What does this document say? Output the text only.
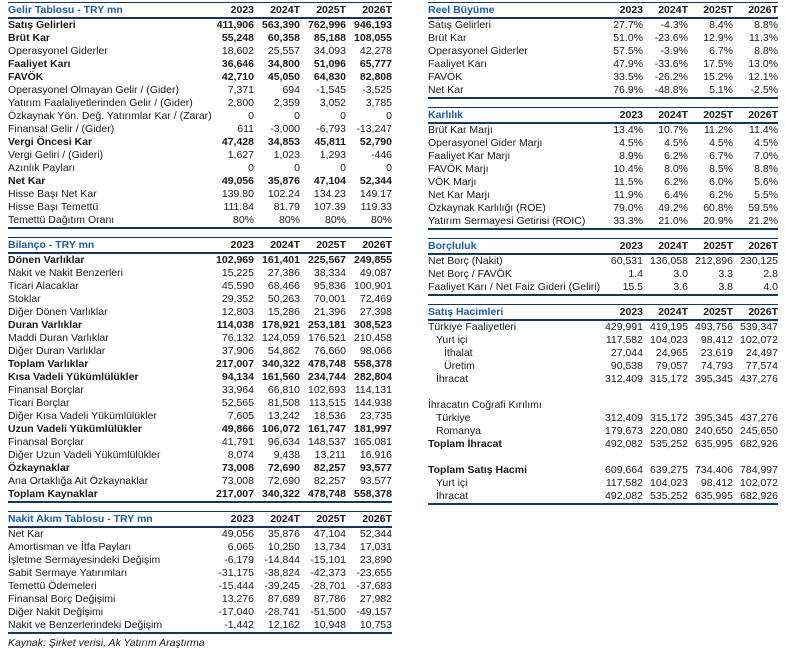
Gelir Tablosu - TRY mn	2023	2024T	2025T	2026T
Satış Gelirleri	411,906	563,390	762,996	946,193
Brüt Kar	55,248	60,358	85,188	108,055
Operasyonel Giderler	18,602	25,557	34,093	42,278
Faaliyet Karı	36,646	34,800	51,096	65,777
FAVÖK	42,710	45,050	64,830	82,808
Operasyonel Olmayan Gelir / (Gider)	7,371	694	-1,545	-3,525
Yatırım Faalaliyetlerinden Gelir / (Gider)	2,800	2,359	3,052	3,785
Özkaynak Yön. Değ. Yatırımlar Kar / (Zarar)	0	0	0	0
Finansal Gelir / (Gider)	611	-3,000	-6,793	-13,247
Vergi Öncesi Kar	47,428	34,853	45,811	52,790
Vergi Geliri / (Gideri)	1,627	1,023	1,293	-446
Azınlık Payları	0	0	0	0
Net Kar	49,056	35,876	47,104	52,344
Hisse Başı Net Kar	139.80	102.24	134.23	149.17
Hisse Başı Temettü	111.84	81.79	107.39	119.33
Temettü Dağıtım Oranı	80%	80%	80%	80%
Bilanço - TRY mn	2023	2024T	2025T	2026T
Dönen Varlıklar	102,969	161,401	225,567	249,855
Nakit ve Nakit Benzerleri	15,225	27,386	38,334	49,087
Ticari Alacaklar	45,590	68,466	95,836	100,901
Stoklar	29,352	50,263	70,001	72,469
Diğer Dönen Varlıklar	12,803	15,286	21,396	27,398
Duran Varlıklar	114,038	178,921	253,181	308,523
Maddi Duran Varlıklar	76,132	124,059	176,521	210,458
Diğer Duran Varlıklar	37,906	54,862	76,660	98,066
Toplam Varlıklar	217,007	340,322	478,748	558,378
Kısa Vadeli Yükümlülükler	94,134	161,560	234,744	282,804
Finansal Borçlar	33,964	66,810	102,693	114,131
Ticari Borçlar	52,565	81,508	113,515	144,938
Diğer Kısa Vadeli Yükümlülükler	7,605	13,242	18,536	23,735
Uzun Vadeli Yükümlülükler	49,866	106,072	161,747	181,997
Finansal Borçlar	41,791	96,634	148,537	165,081
Diğer Uzun Vadeli Yükümlülükler	8,074	9,438	13,211	16,916
Özkaynaklar	73,008	72,690	82,257	93,577
Ana Ortaklığa Ait Özkaynaklar	73,008	72,690	82,257	93,577
Toplam Kaynaklar	217,007	340,322	478,748	558,378
Nakit Akım Tablosu - TRY mn	2023	2024T	2025T	2026T
Net Kar	49,056	35,876	47,104	52,344
Amortisman ve İtfa Payları	6,065	10,250	13,734	17,031
İşletme Sermayesindeki Değişim	-6,179	-14,844	-15,101	23,890
Sabit Sermaye Yatırımları	-31,175	-38,824	-42,373	-23,655
Temettü Ödemeleri	-15,444	-39,245	-28,701	-37,683
Finansal Borç Değişimi	13,276	87,689	87,786	27,982
Diğer Nakit Değişimi	-17,040	-28,741	-51,500	-49,157
Nakit ve Benzerlerindeki Değişim	-1,442	12,162	10,948	10,753
Kaynak: Şirket verisi, Ak Yatırım Araştırma
Reel Büyüme	2023	2024T	2025T	2026T
Satış Gelirleri	27.7%	-4.3%	8.4%	8.8%
Brüt Kar	51.0%	-23.6%	12.9%	11.3%
Operasyonel Giderler	57.5%	-3.9%	6.7%	8.8%
Faaliyet Karı	47.9%	-33.6%	17.5%	13.0%
FAVÖK	33.5%	-26.2%	15.2%	12.1%
Net Kar	76.9%	-48.8%	5.1%	-2.5%
Karlılık	2023	2024T	2025T	2026T
Brüt Kar Marjı	13.4%	10.7%	11.2%	11.4%
Operasyonel Gider Marjı	4.5%	4.5%	4.5%	4.5%
Faaliyet Kar Marjı	8.9%	6.2%	6.7%	7.0%
FAVÖK Marjı	10.4%	8.0%	8.5%	8.8%
VÖK Marjı	11.5%	6.2%	6.0%	5.6%
Net Kar Marjı	11.9%	6.4%	6.2%	5.5%
Özkaynak Karlılığı (ROE)	79.0%	49.2%	60.8%	59.5%
Yatırım Sermayesi Getirisi (ROIC)	33.3%	21.0%	20.9%	21.2%
Borçluluk	2023	2024T	2025T	2026T
Net Borç (Nakit)	60,531	136,058	212,896	230,125
Net Borç / FAVÖK	1.4	3.0	3.3	2.8
Faaliyet Karı / Net Faiz Gideri (Geliri)	15.5	3.6	3.8	4.0
Satış Hacimleri	2023	2024T	2025T	2026T
Türkiye Faaliyetleri	429,991	419,195	493,756	539,347
Yurt içi	117,582	104,023	98,412	102,072
İthalat	27,044	24,965	23,619	24,497
Üretim	90,538	79,057	74,793	77,574
İhracat	312,409	315,172	395,345	437,276

İhracatın Coğrafi Kırılımı				
Türkiye	312,409	315,172	395,345	437,276
Romanya	179,673	220,080	240,650	245,650
Toplam İhracat	492,082	535,252	635,995	682,926

Toplam Satış Hacmi	609,664	639,275	734,406	784,997
Yurt içi	117,582	104,023	98,412	102,072
İhracat	492,082	535,252	635,995	682,926
